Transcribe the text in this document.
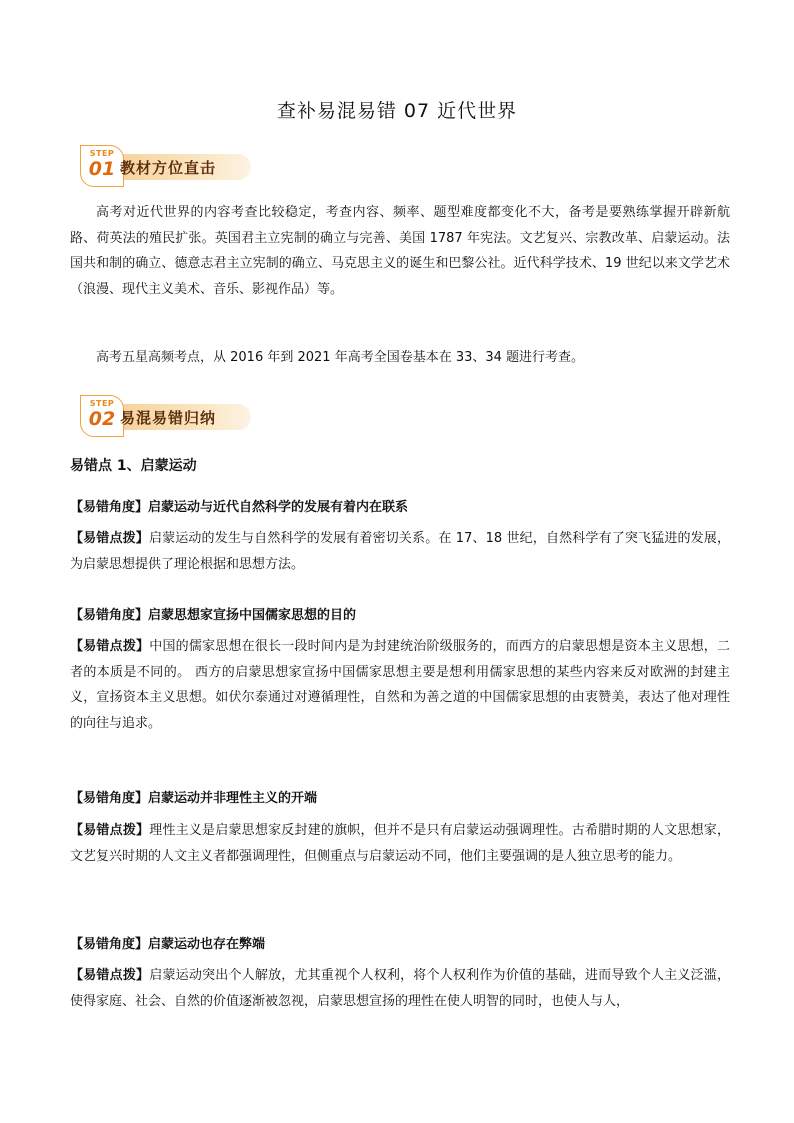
查补易混易错 07 近代世界
STEP
01 教材方位直击
高考对近代世界的内容考查比较稳定，考查内容、频率、题型难度都变化不大，备考是要熟练掌握开辟新航路、荷英法的殖民扩张。英国君主立宪制的确立与完善、美国 1787 年宪法。文艺复兴、宗教改革、启蒙运动。法国共和制的确立、德意志君主立宪制的确立、马克思主义的诞生和巴黎公社。近代科学技术、19 世纪以来文学艺术（浪漫、现代主义美术、音乐、影视作品）等。
高考五星高频考点，从 2016 年到 2021 年高考全国卷基本在 33、34 题进行考查。
STEP
02 易混易错归纳
易错点 1、启蒙运动
【易错角度】启蒙运动与近代自然科学的发展有着内在联系
【易错点拨】启蒙运动的发生与自然科学的发展有着密切关系。在 17、18 世纪，自然科学有了突飞猛进的发展，为启蒙思想提供了理论根据和思想方法。
【易错角度】启蒙思想家宣扬中国儒家思想的目的
【易错点拨】中国的儒家思想在很长一段时间内是为封建统治阶级服务的，而西方的启蒙思想是资本主义思想，二者的本质是不同的。 西方的启蒙思想家宣扬中国儒家思想主要是想利用儒家思想的某些内容来反对欧洲的封建主义，宣扬资本主义思想。如伏尔泰通过对遵循理性，自然和为善之道的中国儒家思想的由衷赞美，表达了他对理性的向往与追求。
【易错角度】启蒙运动并非理性主义的开端
【易错点拨】理性主义是启蒙思想家反封建的旗帜，但并不是只有启蒙运动强调理性。古希腊时期的人文思想家，文艺复兴时期的人文主义者都强调理性，但侧重点与启蒙运动不同，他们主要强调的是人独立思考的能力。
【易错角度】启蒙运动也存在弊端
【易错点拨】启蒙运动突出个人解放，尤其重视个人权利，将个人权利作为价值的基础，进而导致个人主义泛滥，使得家庭、社会、自然的价值逐渐被忽视，启蒙思想宣扬的理性在使人明智的同时，也使人与人，
